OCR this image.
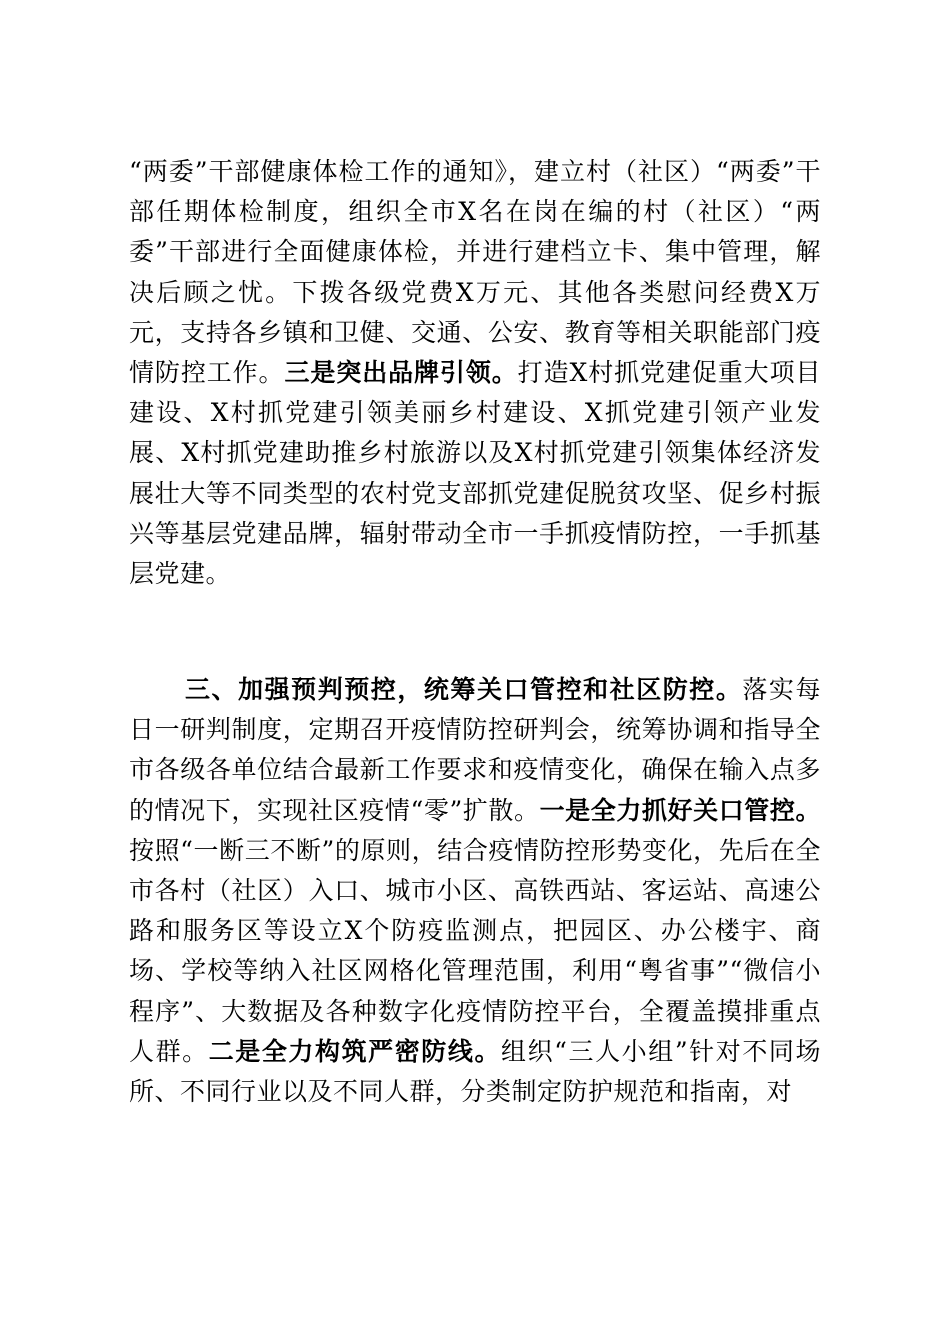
“两委”干部健康体检工作的通知》，建立村（社区）“两委”干部任期体检制度，组织全市X名在岗在编的村（社区）“两委”干部进行全面健康体检，并进行建档立卡、集中管理，解决后顾之忧。下拨各级党费X万元、其他各类慰问经费X万元，支持各乡镇和卫健、交通、公安、教育等相关职能部门疫情防控工作。三是突出品牌引领。打造X村抓党建促重大项目建设、X村抓党建引领美丽乡村建设、X抓党建引领产业发展、X村抓党建助推乡村旅游以及X村抓党建引领集体经济发展壮大等不同类型的农村党支部抓党建促脱贫攻坚、促乡村振兴等基层党建品牌，辐射带动全市一手抓疫情防控，一手抓基层党建。
三、加强预判预控，统筹关口管控和社区防控。落实每日一研判制度，定期召开疫情防控研判会，统筹协调和指导全市各级各单位结合最新工作要求和疫情变化，确保在输入点多的情况下，实现社区疫情“零”扩散。一是全力抓好关口管控。按照“一断三不断”的原则，结合疫情防控形势变化，先后在全市各村（社区）入口、城市小区、高铁西站、客运站、高速公路和服务区等设立X个防疫监测点，把园区、办公楼宇、商场、学校等纳入社区网格化管理范围，利用“粤省事”“微信小程序”、大数据及各种数字化疫情防控平台，全覆盖摸排重点人群。二是全力构筑严密防线。组织“三人小组”针对不同场所、不同行业以及不同人群，分类制定防护规范和指南，对
